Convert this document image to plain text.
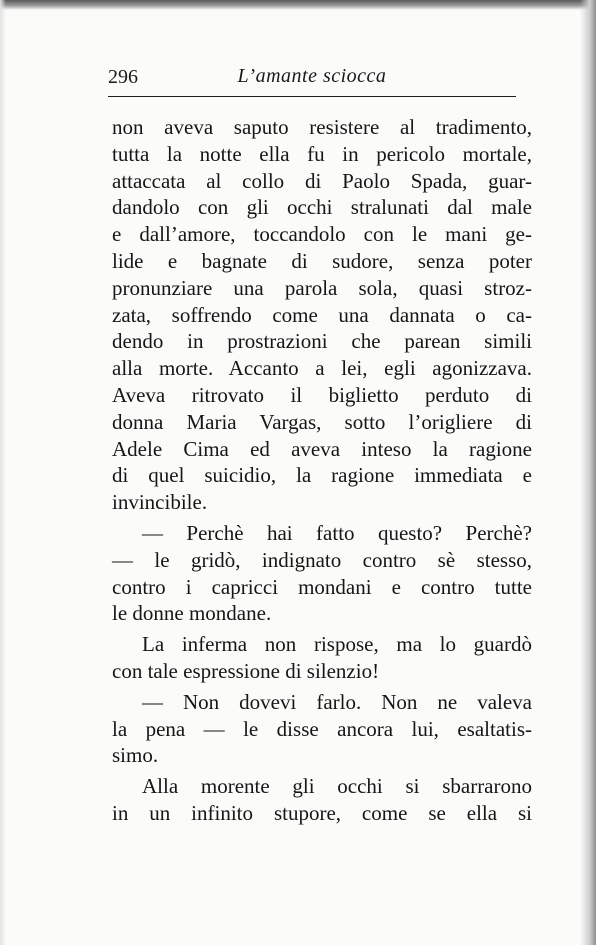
296	L’amante sciocca
non aveva saputo resistere al tradimento,
tutta la notte ella fu in pericolo mortale,
attaccata al collo di Paolo Spada, guar-
dandolo con gli occhi stralunati dal male
e dall’amore, toccandolo con le mani ge-
lide e bagnate di sudore, senza poter
pronunziare una parola sola, quasi stroz-
zata, soffrendo come una dannata o ca-
dendo in prostrazioni che parean simili
alla morte. Accanto a lei, egli agonizzava.
Aveva ritrovato il biglietto perduto di
donna Maria Vargas, sotto l’origliere di
Adele Cima ed aveva inteso la ragione
di quel suicidio, la ragione immediata e
invincibile.
— Perchè hai fatto questo? Perchè?
— le gridò, indignato contro sè stesso,
contro i capricci mondani e contro tutte
le donne mondane.
La inferma non rispose, ma lo guardò
con tale espressione di silenzio!
— Non dovevi farlo. Non ne valeva
la pena — le disse ancora lui, esaltatis-
simo.
Alla morente gli occhi si sbarrarono
in un infinito stupore, come se ella si
